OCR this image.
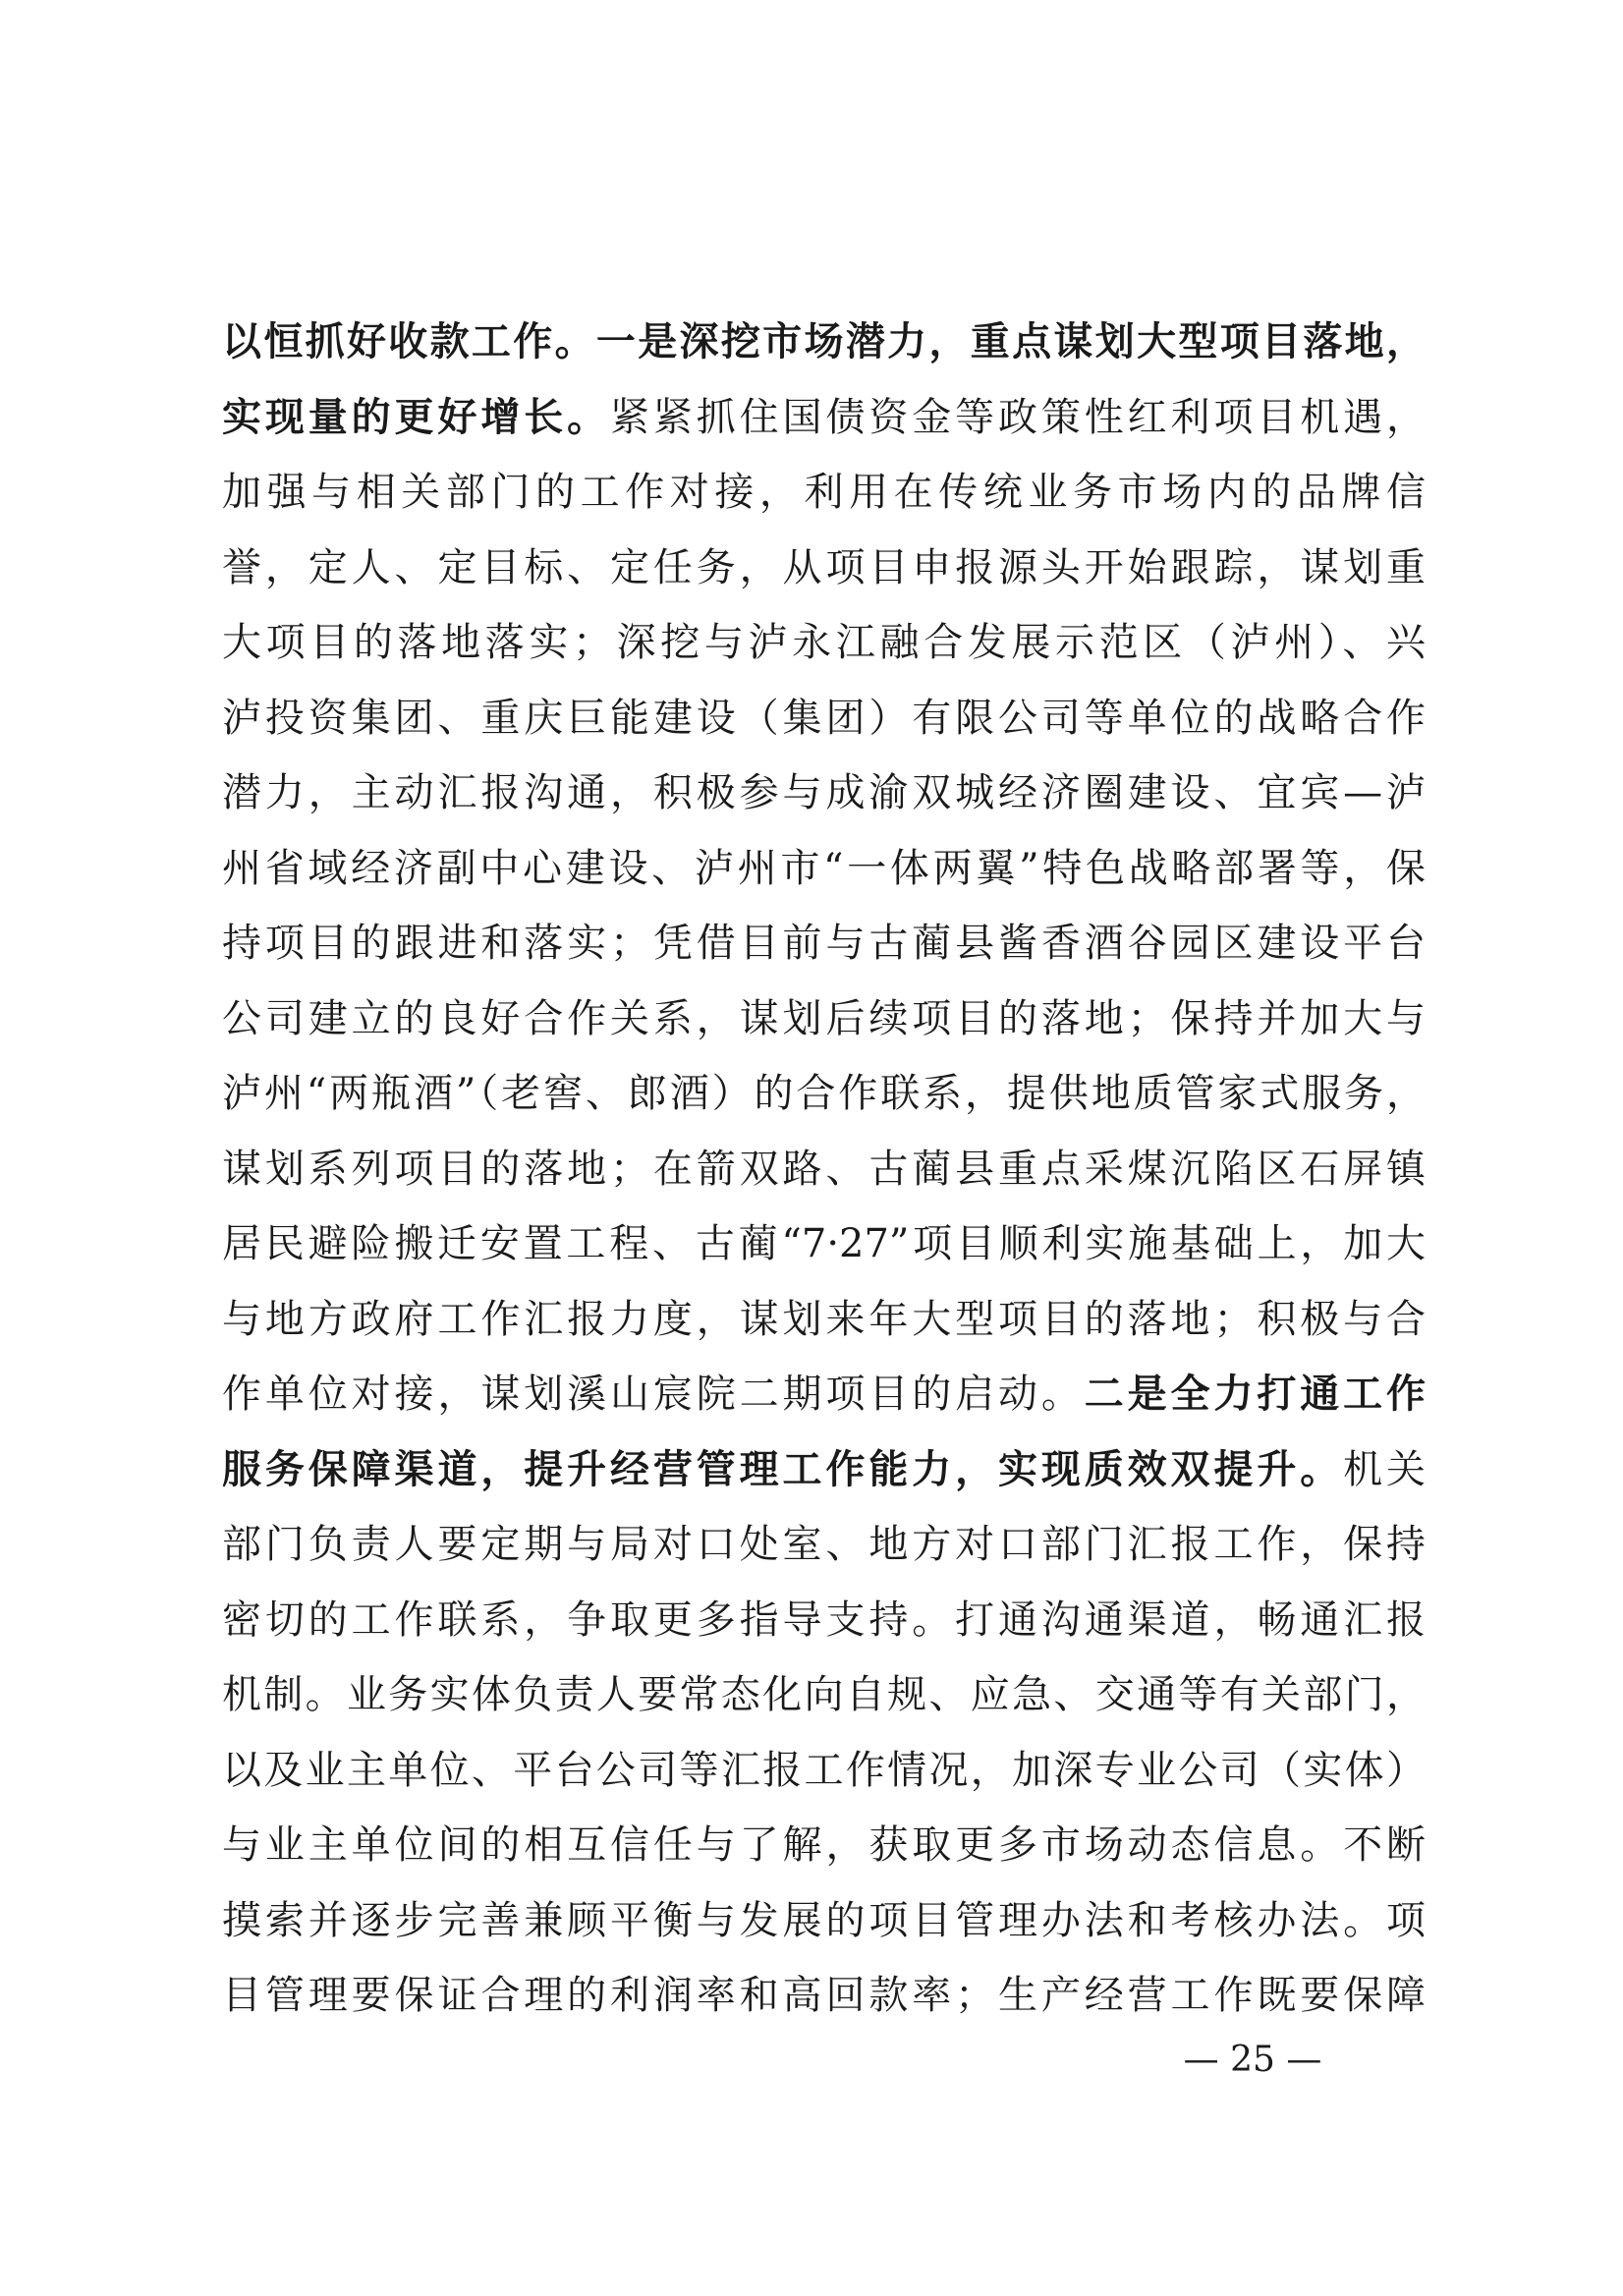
以恒抓好收款工作。一是深挖市场潜力，重点谋划大型项目落地，
实现量的更好增长。紧紧抓住国债资金等政策性红利项目机遇，
加强与相关部门的工作对接，利用在传统业务市场内的品牌信
誉，定人、定目标、定任务，从项目申报源头开始跟踪，谋划重
大项目的落地落实；深挖与泸永江融合发展示范区（泸州）、兴
泸投资集团、重庆巨能建设（集团）有限公司等单位的战略合作
潜力，主动汇报沟通，积极参与成渝双城经济圈建设、宜宾—泸
州省域经济副中心建设、泸州市“一体两翼”特色战略部署等，保
持项目的跟进和落实；凭借目前与古蔺县酱香酒谷园区建设平台
公司建立的良好合作关系，谋划后续项目的落地；保持并加大与
泸州“两瓶酒”（老窖、郎酒）的合作联系，提供地质管家式服务，
谋划系列项目的落地；在箭双路、古蔺县重点采煤沉陷区石屏镇
居民避险搬迁安置工程、古蔺“7·27”项目顺利实施基础上，加大
与地方政府工作汇报力度，谋划来年大型项目的落地；积极与合
作单位对接，谋划溪山宸院二期项目的启动。二是全力打通工作
服务保障渠道，提升经营管理工作能力，实现质效双提升。机关
部门负责人要定期与局对口处室、地方对口部门汇报工作，保持
密切的工作联系，争取更多指导支持。打通沟通渠道，畅通汇报
机制。业务实体负责人要常态化向自规、应急、交通等有关部门，
以及业主单位、平台公司等汇报工作情况，加深专业公司（实体）
与业主单位间的相互信任与了解，获取更多市场动态信息。不断
摸索并逐步完善兼顾平衡与发展的项目管理办法和考核办法。项
目管理要保证合理的利润率和高回款率；生产经营工作既要保障
— 25 —
